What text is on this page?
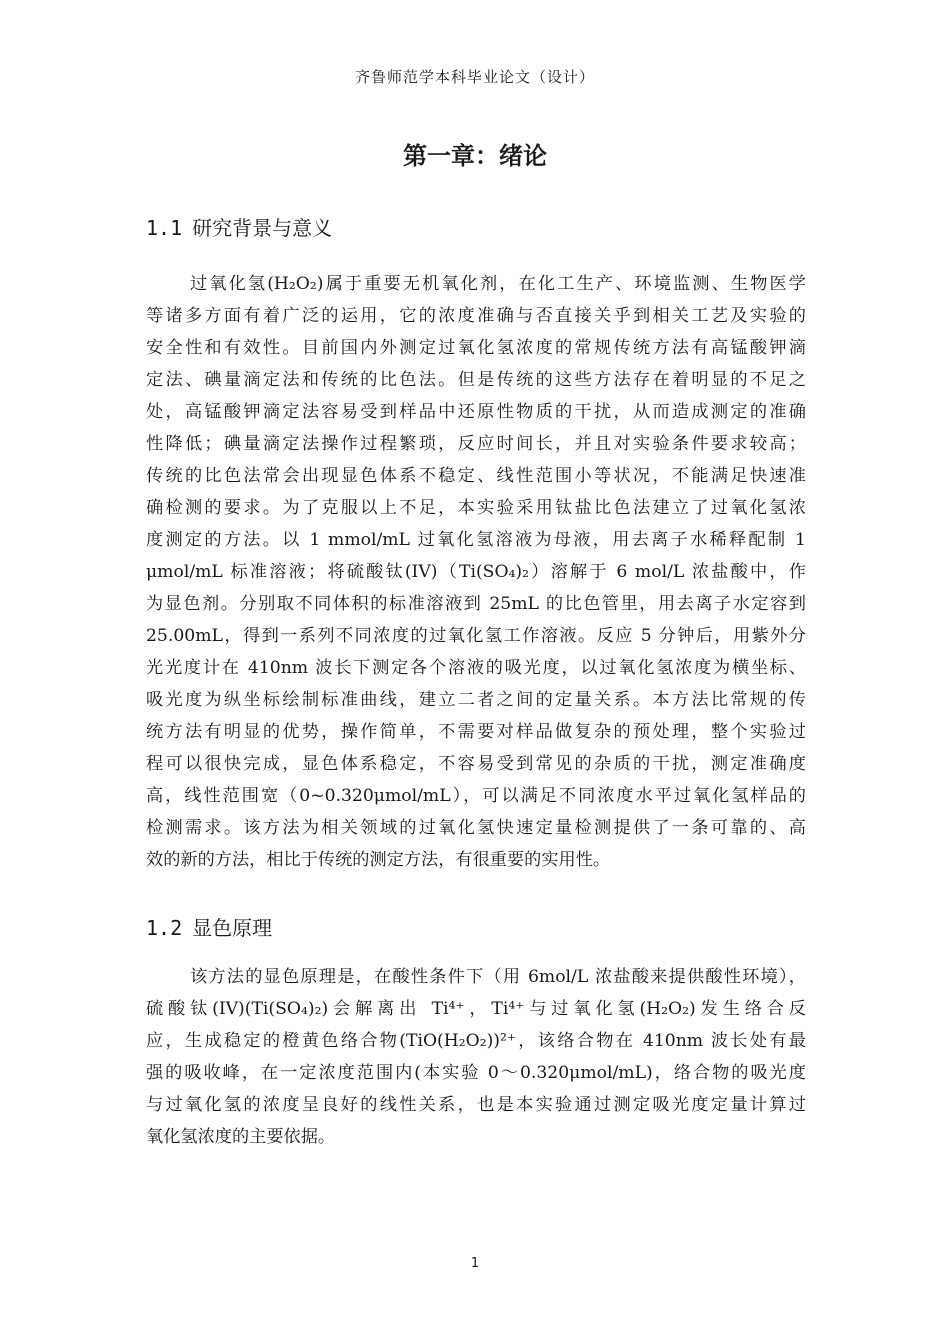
齐鲁师范学本科毕业论文（设计）
第一章：绪论
1.1 研究背景与意义
过氧化氢(H₂O₂)属于重要无机氧化剂，在化工生产、环境监测、生物医学
等诸多方面有着广泛的运用，它的浓度准确与否直接关乎到相关工艺及实验的
安全性和有效性。目前国内外测定过氧化氢浓度的常规传统方法有高锰酸钾滴
定法、碘量滴定法和传统的比色法。但是传统的这些方法存在着明显的不足之
处，高锰酸钾滴定法容易受到样品中还原性物质的干扰，从而造成测定的准确
性降低；碘量滴定法操作过程繁琐，反应时间长，并且对实验条件要求较高；
传统的比色法常会出现显色体系不稳定、线性范围小等状况，不能满足快速准
确检测的要求。为了克服以上不足，本实验采用钛盐比色法建立了过氧化氢浓
度测定的方法。以 1 mmol/mL 过氧化氢溶液为母液，用去离子水稀释配制 1
μmol/mL 标准溶液；将硫酸钛(IV)（Ti(SO₄)₂）溶解于 6 mol/L 浓盐酸中，作
为显色剂。分别取不同体积的标准溶液到 25mL 的比色管里，用去离子水定容到
25.00mL，得到一系列不同浓度的过氧化氢工作溶液。反应 5 分钟后，用紫外分
光光度计在 410nm 波长下测定各个溶液的吸光度，以过氧化氢浓度为横坐标、
吸光度为纵坐标绘制标准曲线，建立二者之间的定量关系。本方法比常规的传
统方法有明显的优势，操作简单，不需要对样品做复杂的预处理，整个实验过
程可以很快完成，显色体系稳定，不容易受到常见的杂质的干扰，测定准确度
高，线性范围宽（0~0.320μmol/mL），可以满足不同浓度水平过氧化氢样品的
检测需求。该方法为相关领域的过氧化氢快速定量检测提供了一条可靠的、高
效的新的方法，相比于传统的测定方法，有很重要的实用性。
1.2 显色原理
该方法的显色原理是，在酸性条件下（用 6mol/L 浓盐酸来提供酸性环境），
硫酸钛(IV)(Ti(SO₄)₂)会解离出 Ti⁴⁺，Ti⁴⁺与过氧化氢(H₂O₂)发生络合反
应，生成稳定的橙黄色络合物(TiO(H₂O₂))²⁺，该络合物在 410nm 波长处有最
强的吸收峰，在一定浓度范围内(本实验 0～0.320μmol/mL)，络合物的吸光度
与过氧化氢的浓度呈良好的线性关系，也是本实验通过测定吸光度定量计算过
氧化氢浓度的主要依据。
1
